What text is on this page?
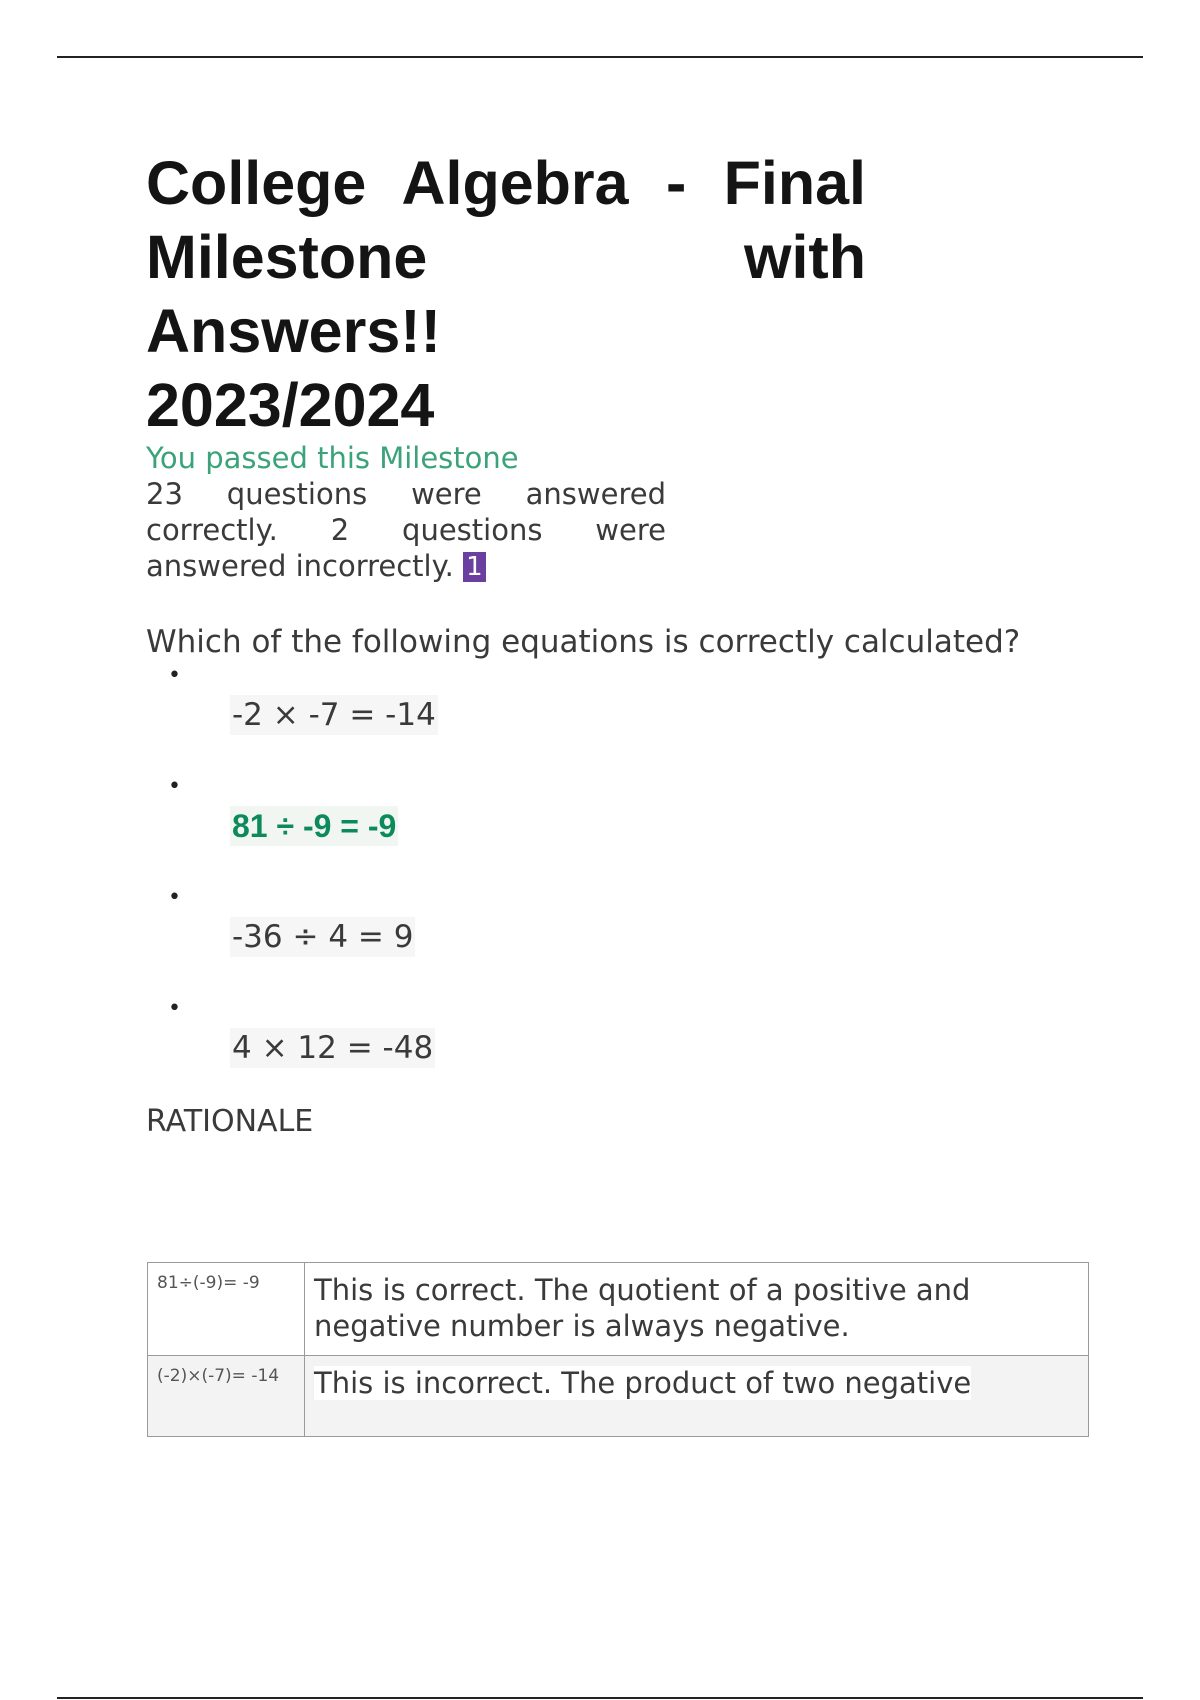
College Algebra - Final
Milestone with Answers!!
2023/2024
You passed this Milestone
23 questions were answered
correctly. 2 questions were
answered incorrectly. 1
Which of the following equations is correctly calculated?
•
-2 × -7 = -14
•
81 ÷ -9 = -9
•
-36 ÷ 4 = 9
•
4 × 12 = -48
RATIONALE
81÷(-9)= -9	This is correct. The quotient of a positive and negative number is always negative.

(-2)×(-7)= -14	This is incorrect. The product of two negative
